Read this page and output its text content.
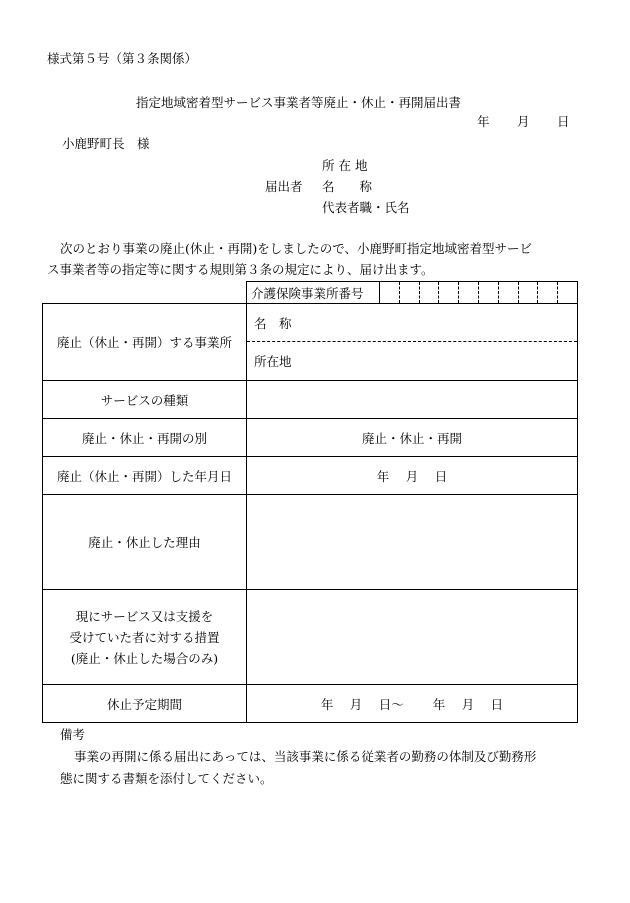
様式第５号（第３条関係）
指定地域密着型サービス事業者等廃止・休止・再開届出書
年 月 日
小鹿野町長　様
所 在 地
届出者 名　　称
代表者職・氏名
次のとおり事業の廃止(休止・再開)をしましたので、小鹿野町指定地域密着型サービ
ス事業者等の指定等に関する規則第３条の規定により、届け出ます。

介護保険事業所番号

廃止（休止・再開）する事業所	名　称
所在地

サービスの種類	
廃止・休止・再開の別	廃止・休止・再開
廃止（休止・再開）した年月日	年　 月　 日
廃止・休止した理由	

現にサービス又は支援を
受けていた者に対する措置
(廃止・休止した場合のみ)	

休止予定期間	年　 月　 日～　　 年　 月　 日
備考
事業の再開に係る届出にあっては、当該事業に係る従業者の勤務の体制及び勤務形
態に関する書類を添付してください。
